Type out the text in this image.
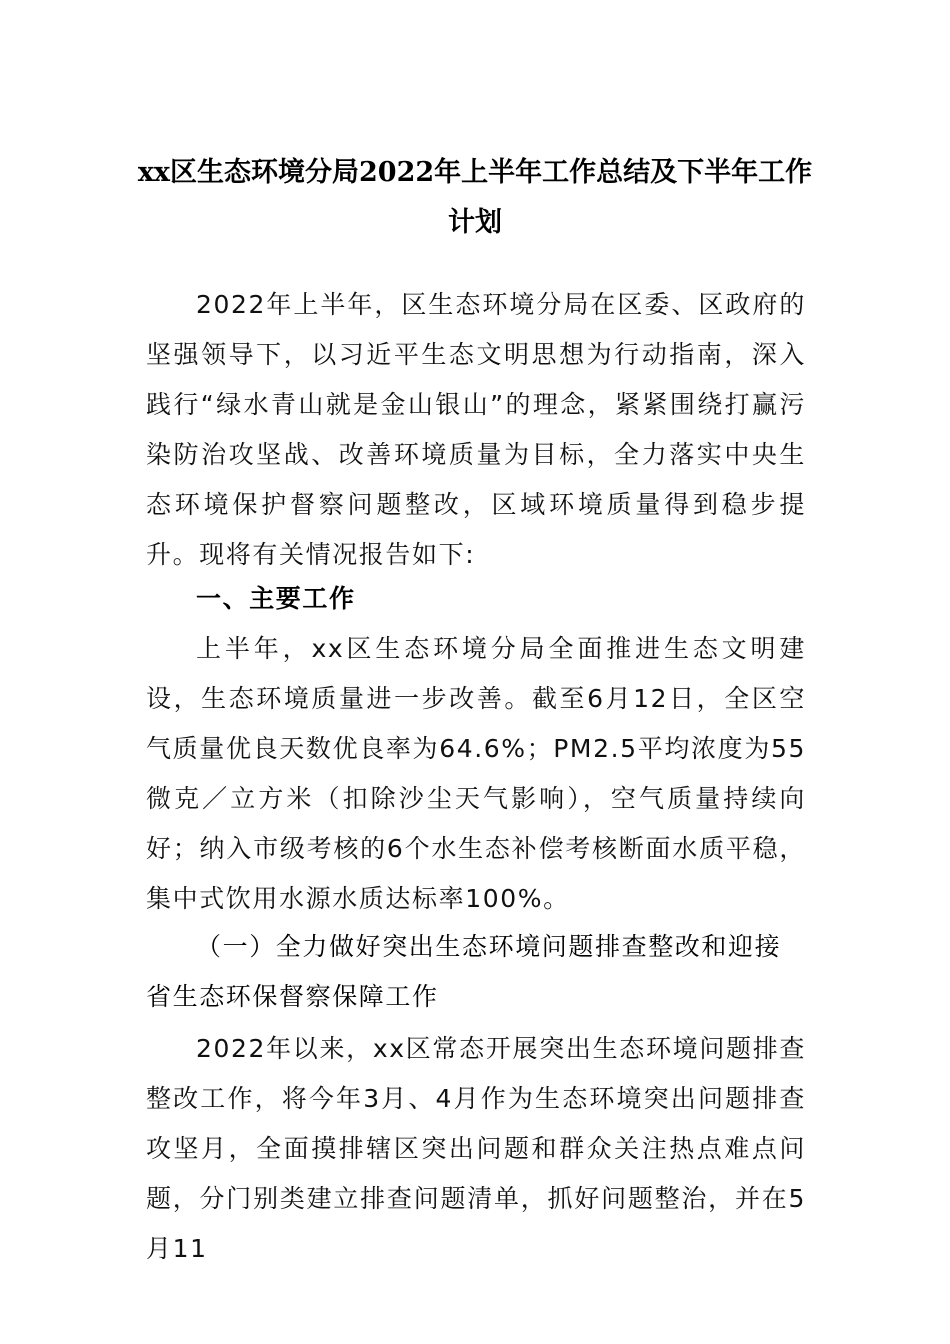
xx区生态环境分局2022年上半年工作总结及下半年工作计划
2022年上半年，区生态环境分局在区委、区政府的坚强领导下，以习近平生态文明思想为行动指南，深入践行“绿水青山就是金山银山”的理念，紧紧围绕打赢污染防治攻坚战、改善环境质量为目标，全力落实中央生态环境保护督察问题整改，区域环境质量得到稳步提升。现将有关情况报告如下:
一、主要工作
上半年，xx区生态环境分局全面推进生态文明建设，生态环境质量进一步改善。截至6月12日，全区空气质量优良天数优良率为64.6%；PM2.5平均浓度为55微克／立方米（扣除沙尘天气影响），空气质量持续向好；纳入市级考核的6个水生态补偿考核断面水质平稳，集中式饮用水源水质达标率100%。
（一）全力做好突出生态环境问题排查整改和迎接省生态环保督察保障工作
2022年以来，xx区常态开展突出生态环境问题排查整改工作，将今年3月、4月作为生态环境突出问题排查攻坚月，全面摸排辖区突出问题和群众关注热点难点问题，分门别类建立排查问题清单，抓好问题整治，并在5月11
